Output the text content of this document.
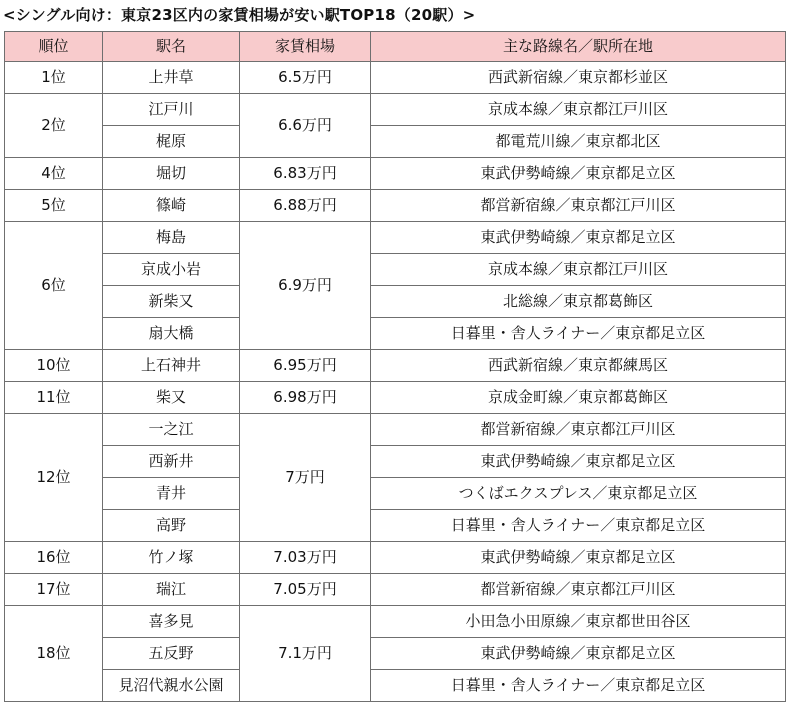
<シングル向け：東京23区内の家賃相場が安い駅TOP18（20駅）>
順位	駅名	家賃相場	主な路線名／駅所在地
1位	上井草	6.5万円	西武新宿線／東京都杉並区
2位	江戸川	6.6万円	京成本線／東京都江戸川区
	梶原		都電荒川線／東京都北区
4位	堀切	6.83万円	東武伊勢崎線／東京都足立区
5位	篠崎	6.88万円	都営新宿線／東京都江戸川区
6位	梅島	6.9万円	東武伊勢崎線／東京都足立区
	京成小岩		京成本線／東京都江戸川区
	新柴又		北総線／東京都葛飾区
	扇大橋		日暮里・舎人ライナー／東京都足立区
10位	上石神井	6.95万円	西武新宿線／東京都練馬区
11位	柴又	6.98万円	京成金町線／東京都葛飾区
12位	一之江	7万円	都営新宿線／東京都江戸川区
	西新井		東武伊勢崎線／東京都足立区
	青井		つくばエクスプレス／東京都足立区
	高野		日暮里・舎人ライナー／東京都足立区
16位	竹ノ塚	7.03万円	東武伊勢崎線／東京都足立区
17位	瑞江	7.05万円	都営新宿線／東京都江戸川区
18位	喜多見	7.1万円	小田急小田原線／東京都世田谷区
	五反野		東武伊勢崎線／東京都足立区
	見沼代親水公園		日暮里・舎人ライナー／東京都足立区
